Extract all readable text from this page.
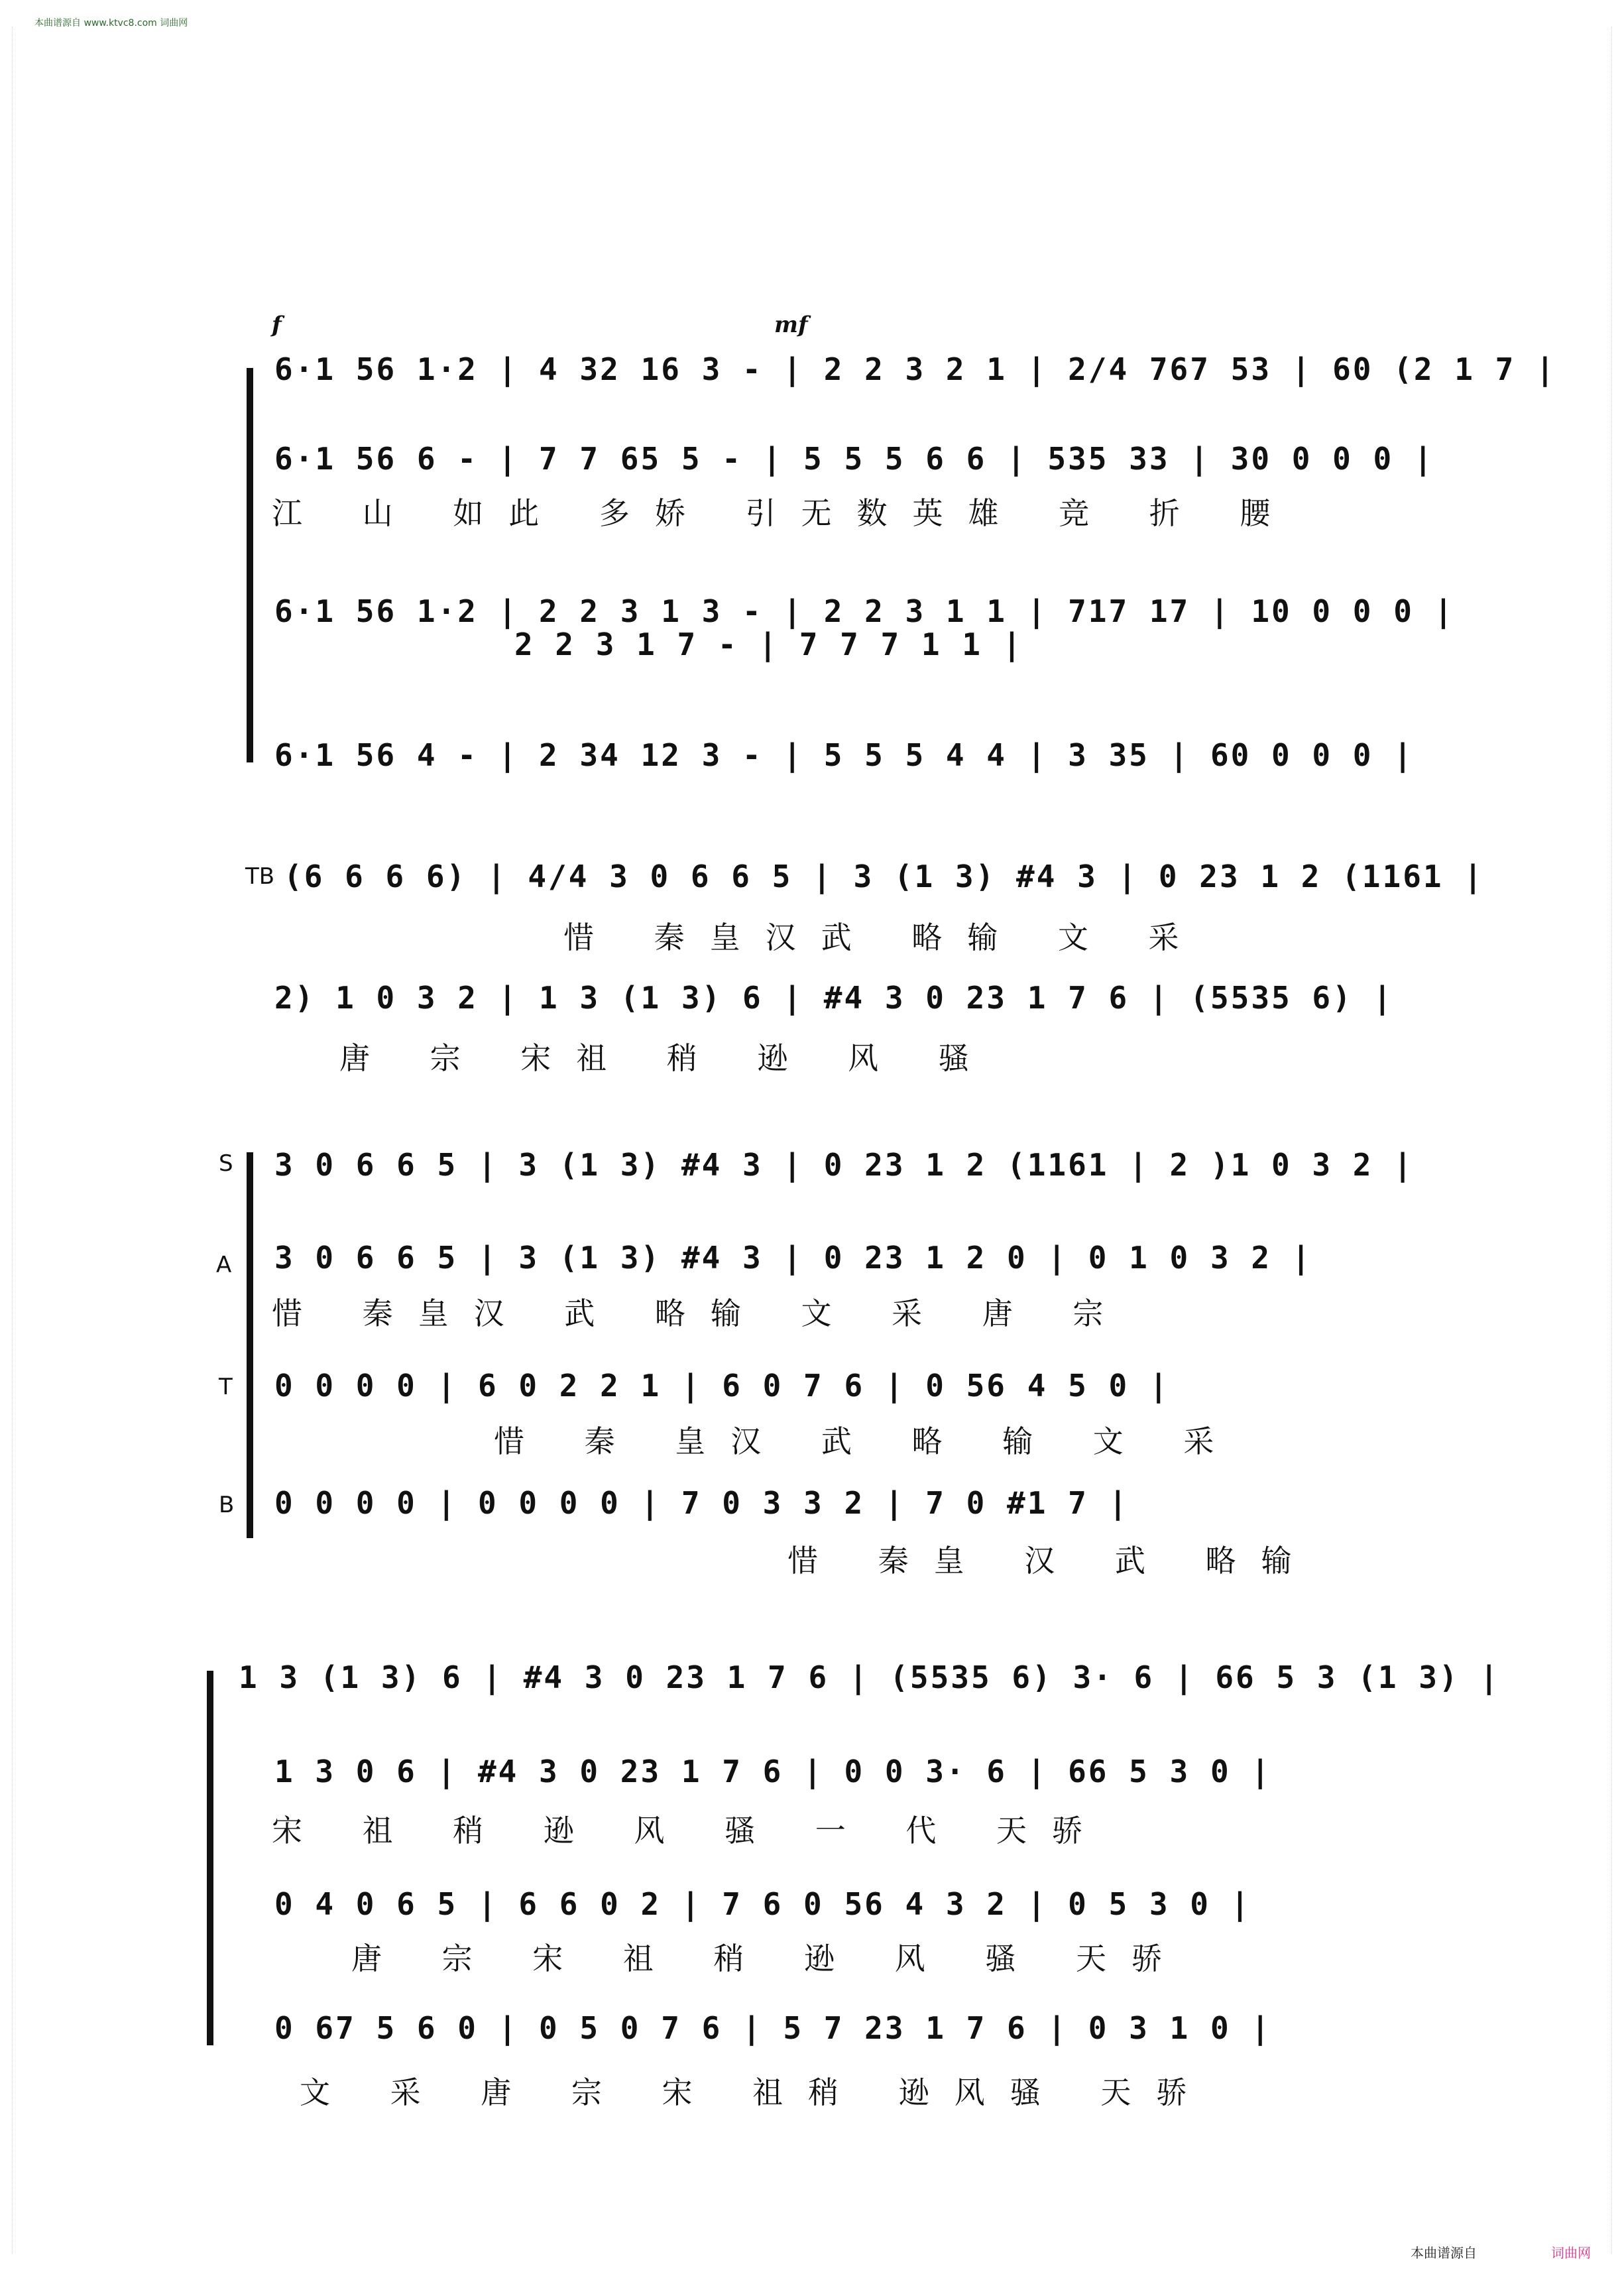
本曲谱源自 www.ktvc8.com 词曲网
f	mf
6·1 56 1·2 | 4 32 16 3 - | 2 2 3 2 1 | 2/4 767 53 | 60 (2 1 7 |
6·1 56 6 - | 7 7 65 5 - | 5 5 5 6 6 | 535 33 | 30 0 0 0 |
江 山 如此 多娇 引无数英雄 竞 折 腰
6·1 56 1·2 | 2 2 3 1 3 - | 2 2 3 1 1 | 717 17 | 10 0 0 0 |
2 2 3 1 7 - | 7 7 7 1 1 |
6·1 56 4 - | 2 34 12 3 - | 5 5 5 4 4 | 3 35 | 60 0 0 0 |
TB (6 6 6 6) | 4/4 3 0 6 6 5 | 3 (1 3) #4 3 | 0 23 1 2 (1161 |
惜 秦皇汉武 略输 文 采
2) 1 0 3 2 | 1 3 (1 3) 6 | #4 3 0 23 1 7 6 | (5535 6) |
唐 宗 宋祖 稍 逊 风 骚
S
A
T
B
3 0 6 6 5 | 3 (1 3) #4 3 | 0 23 1 2 (1161 | 2 )1 0 3 2 |
3 0 6 6 5 | 3 (1 3) #4 3 | 0 23 1 2 0 | 0 1 0 3 2 |
惜 秦皇汉 武 略输 文 采 唐 宗
0 0 0 0 | 6 0 2 2 1 | 6 0 7 6 | 0 56 4 5 0 |
惜 秦 皇汉 武 略 输 文 采
0 0 0 0 | 0 0 0 0 | 7 0 3 3 2 | 7 0 #1 7 |
惜 秦皇 汉 武 略输
1 3 (1 3) 6 | #4 3 0 23 1 7 6 | (5535 6) 3· 6 | 66 5 3 (1 3) |
1 3 0 6 | #4 3 0 23 1 7 6 | 0 0 3· 6 | 66 5 3 0 |
宋 祖 稍 逊 风 骚 一 代 天骄
0 4 0 6 5 | 6 6 0 2 | 7 6 0 56 4 3 2 | 0 5 3 0 |
唐 宗 宋 祖 稍 逊 风 骚 天骄
0 67 5 6 0 | 0 5 0 7 6 | 5 7 23 1 7 6 | 0 3 1 0 |
文 采 唐 宗 宋 祖稍 逊风骚 天骄
本曲谱源自	词曲网
